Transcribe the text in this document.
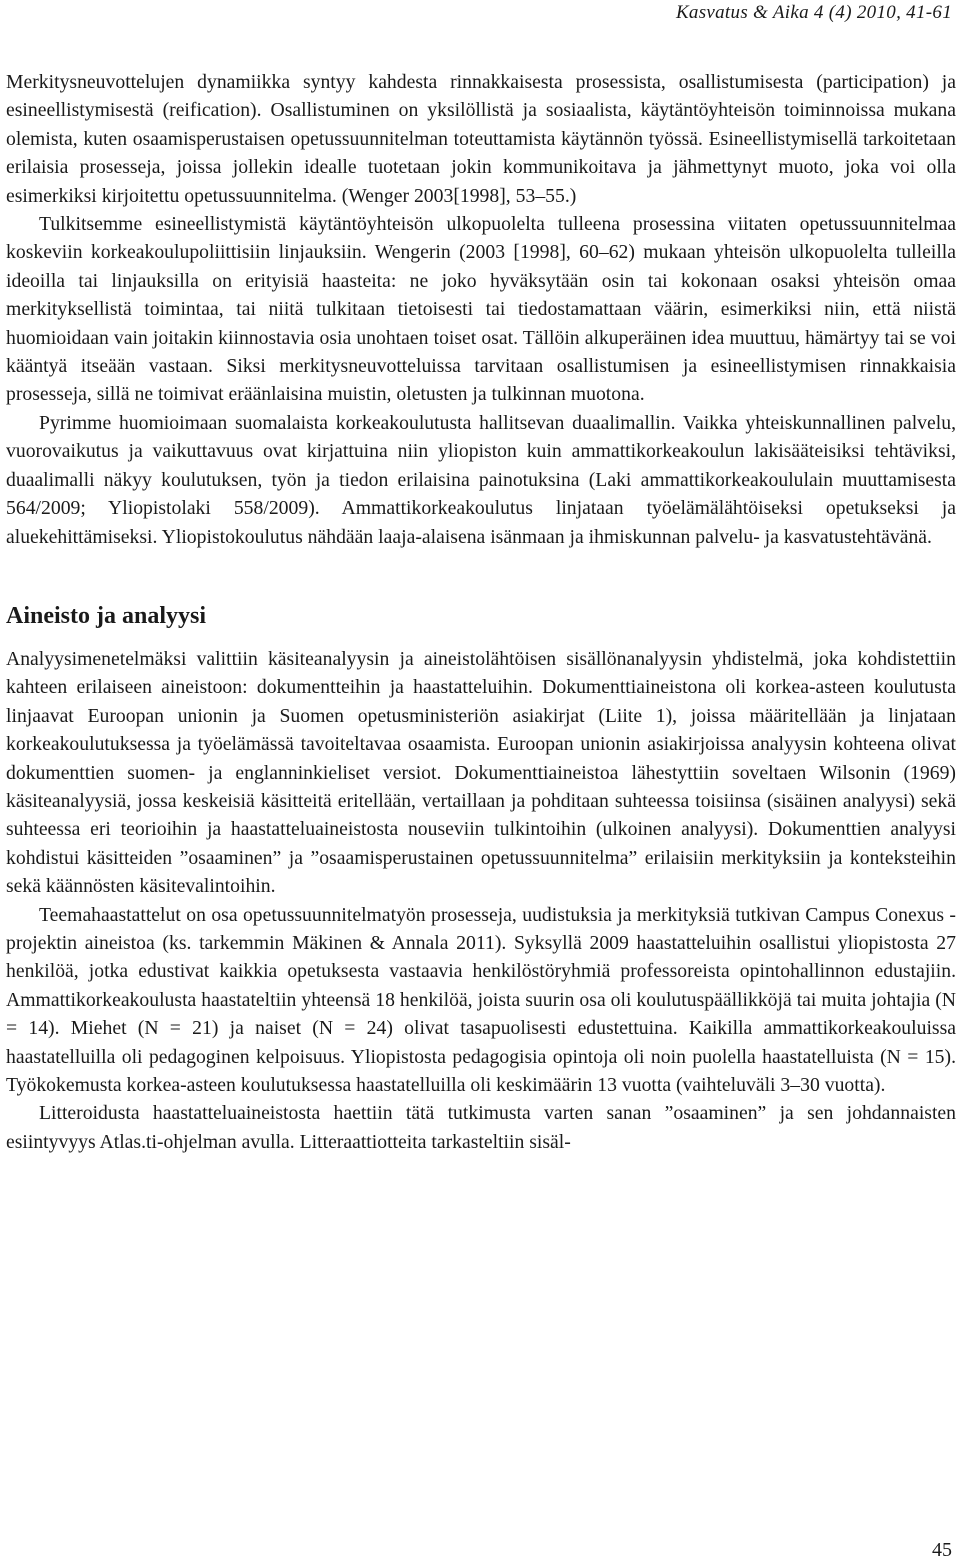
Kasvatus & Aika 4 (4) 2010, 41-61

Merkitysneuvottelujen dynamiikka syntyy kahdesta rinnakkaisesta prosessista, osallistumisesta (participation) ja esineellistymisestä (reification). Osallistuminen on yksilöllistä ja sosiaalista, käytäntöyhteisön toiminnoissa mukana olemista, kuten osaamisperustaisen opetussuunnitelman toteuttamista käytännön työssä. Esineellistymisellä tarkoitetaan erilaisia prosesseja, joissa jollekin idealle tuotetaan jokin kommunikoitava ja jähmettynyt muoto, joka voi olla esimerkiksi kirjoitettu opetussuunnitelma. (Wenger 2003[1998], 53–55.)

Tulkitsemme esineellistymistä käytäntöyhteisön ulkopuolelta tulleena prosessina viitaten opetussuunnitelmaa koskeviin korkeakoulupoliittisiin linjauksiin. Wengerin (2003 [1998], 60–62) mukaan yhteisön ulkopuolelta tulleilla ideoilla tai linjauksilla on erityisiä haasteita: ne joko hyväksytään osin tai kokonaan osaksi yhteisön omaa merkityksellistä toimintaa, tai niitä tulkitaan tietoisesti tai tiedostamattaan väärin, esimerkiksi niin, että niistä huomioidaan vain joitakin kiinnostavia osia unohtaen toiset osat. Tällöin alkuperäinen idea muuttuu, hämärtyy tai se voi kääntyä itseään vastaan. Siksi merkitysneuvotteluissa tarvitaan osallistumisen ja esineellistymisen rinnakkaisia prosesseja, sillä ne toimivat eräänlaisina muistin, oletusten ja tulkinnan muotona.

Pyrimme huomioimaan suomalaista korkeakoulutusta hallitsevan duaalimallin. Vaikka yhteiskunnallinen palvelu, vuorovaikutus ja vaikuttavuus ovat kirjattuina niin yliopiston kuin ammattikorkeakoulun lakisääteisiksi tehtäviksi, duaalimalli näkyy koulutuksen, työn ja tiedon erilaisina painotuksina (Laki ammattikorkeakoululain muuttamisesta 564/2009; Yliopistolaki 558/2009). Ammattikorkeakoulutus linjataan työelämälähtöiseksi opetukseksi ja aluekehittämiseksi. Yliopistokoulutus nähdään laaja-alaisena isänmaan ja ihmiskunnan palvelu- ja kasvatustehtävänä.

Aineisto ja analyysi

Analyysimenetelmäksi valittiin käsiteanalyysin ja aineistolähtöisen sisällönanalyysin yhdistelmä, joka kohdistettiin kahteen erilaiseen aineistoon: dokumentteihin ja haastatteluihin. Dokumenttiaineistona oli korkea-asteen koulutusta linjaavat Euroopan unionin ja Suomen opetusministeriön asiakirjat (Liite 1), joissa määritellään ja linjataan korkeakoulutuksessa ja työelämässä tavoiteltavaa osaamista. Euroopan unionin asiakirjoissa analyysin kohteena olivat dokumenttien suomen- ja englanninkieliset versiot. Dokumenttiaineistoa lähestyttiin soveltaen Wilsonin (1969) käsiteanalyysiä, jossa keskeisiä käsitteitä eritellään, vertaillaan ja pohditaan suhteessa toisiinsa (sisäinen analyysi) sekä suhteessa eri teorioihin ja haastatteluaineistosta nouseviin tulkintoihin (ulkoinen analyysi). Dokumenttien analyysi kohdistui käsitteiden ”osaaminen” ja ”osaamisperustainen opetussuunnitelma” erilaisiin merkityksiin ja konteksteihin sekä käännösten käsitevalintoihin.

Teemahaastattelut on osa opetussuunnitelmatyön prosesseja, uudistuksia ja merkityksiä tutkivan Campus Conexus -projektin aineistoa (ks. tarkemmin Mäkinen & Annala 2011). Syksyllä 2009 haastatteluihin osallistui yliopistosta 27 henkilöä, jotka edustivat kaikkia opetuksesta vastaavia henkilöstöryhmiä professoreista opintohallinnon edustajiin. Ammattikorkeakoulusta haastateltiin yhteensä 18 henkilöä, joista suurin osa oli koulutuspäällikköjä tai muita johtajia (N = 14). Miehet (N = 21) ja naiset (N = 24) olivat tasapuolisesti edustettuina. Kaikilla ammattikorkeakouluissa haastatelluilla oli pedagoginen kelpoisuus. Yliopistosta pedagogisia opintoja oli noin puolella haastatelluista (N = 15). Työkokemusta korkea-asteen koulutuksessa haastatelluilla oli keskimäärin 13 vuotta (vaihteluväli 3–30 vuotta).

Litteroidusta haastatteluaineistosta haettiin tätä tutkimusta varten sanan ”osaaminen” ja sen johdannaisten esiintyvyys Atlas.ti-ohjelman avulla. Litteraattiotteita tarkasteltiin sisäl-

45
